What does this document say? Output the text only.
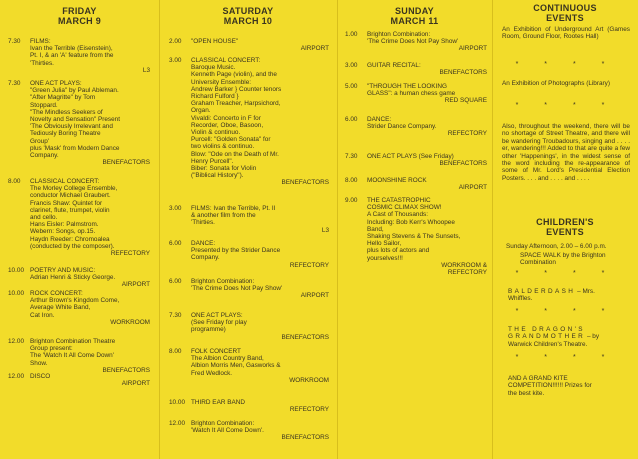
FRIDAY
MARCH 9
7.30	FILMS:
Ivan the Terrible (Eisenstein),
Pt. I, & an 'A' feature from the
'Thirties.
L3
7.30	ONE ACT PLAYS:
"Green Julia" by Paul Ableman.
"After Magritte" by Tom
Stoppard.
"The Mindless Seekers of
Novelty and Sensation" Present
'The Obviously Irrelevant and
Tediously Boring Theatre
Group'
plus 'Mask' from Modern Dance
Company.
BENEFACTORS
8.00	CLASSICAL CONCERT:
The Morley College Ensemble,
conductor Michael Graubert.
Francis Shaw: Quintet for
clarinet, flute, trumpet, violin
and cello.
Hans Eisler: Palmstrom.
Webern: Songs, op.15.
Haydn Reeder: Chromoalea
(conducted by the composer).
REFECTORY
10.00 POETRY AND MUSIC:
Adrian Henri & Sticky George.
AIRPORT
10.00 ROCK CONCERT:
Arthur Brown's Kingdom Come,
Average White Band,
Cat Iron.
WORKROOM
12.00 Brighton Combination Theatre
Group present:
The 'Watch It All Come Down'
Show.
BENEFACTORS
12.00 DISCO
AIRPORT
SATURDAY
MARCH 10
2.00	"OPEN HOUSE"
AIRPORT
3.00	CLASSICAL CONCERT:
Baroque Music.
Kenneth Page (violin), and the
University Ensemble:
Andrew Barker } Counter tenors
Richard Fulford }
Graham Treacher, Harpsichord,
Organ.
Vivaldi: Concerto in F for
Recorder, Oboe, Basoon,
Violin & continuo.
Purcell: "Golden Sonata" for
two violins & continuo.
Blow: "Ode on the Death of Mr.
Henry Purcell".
Biber: Sonata for Violin
("Biblical History").
BENEFACTORS
3.00	FILMS: Ivan the Terrible, Pt. II
& another film from the
'Thirties.
L3
6.00	DANCE:
Presented by the Strider Dance
Company.
REFECTORY
6.00	Brighton Combination:
'The Crime Does Not Pay Show'
AIRPORT
7.30	ONE ACT PLAYS:
(See Friday for play
programme)
BENEFACTORS
8.00	FOLK CONCERT
The Albion Country Band,
Albion Morris Men, Gasworks &
Fred Wedlock.
WORKROOM
10.00 THIRD EAR BAND
REFECTORY
12.00 Brighton Combination:
'Watch It All Come Down'.
BENEFACTORS
SUNDAY
MARCH 11
1.00	Brighton Combination:
'The Crime Does Not Pay Show'
AIRPORT
3.00	GUITAR RECITAL:
BENEFACTORS
5.00	"THROUGH THE LOOKING
GLASS": a human chess game
RED SQUARE
6.00	DANCE:
Strider Dance Company.
REFECTORY
7.30	ONE ACT PLAYS (See Friday)
BENEFACTORS
8.00	MOONSHINE ROCK
AIRPORT
9.00	THE CATASTROPHIC
COSMIC CLIMAX SHOW!
A Cast of Thousands:
Including: Bob Kerr's Whoopee
Band,
Shaking Stevens & The Sunsets,
Hello Sailor,
plus lots of actors and
yourselves!!!
WORKROOM &
REFECTORY
CONTINUOUS
EVENTS
An Exhibition of Underground Art (Games Room, Ground Floor, Rootes Hall)
* * * *
An Exhibition of Photographs (Library)
* * * *
Also, throughout the weekend, there will be no shortage of Street Theatre, and there will be wandering Troubadours, singing and . . . . er, wandering!!! Added to that are quite a few other 'Happenings', in the widest sense of the word including the re-appearance of some of Mr. Lord's Presidential Election Posters. . . . and . . . . and . . . .
CHILDREN'S
EVENTS
Sunday Afternoon, 2.00 – 6.00 p.m.
SPACE WALK by the Brighton
Combination
* * * *
BALDERDASH – Mrs.
Whiffles.
* * * *
THE DRAGON'S
GRANDMOTHER – by
Warwick Children's Theatre.
* * * *
AND A GRAND KITE
COMPETITION!!!!!! Prizes for
the best kite.
